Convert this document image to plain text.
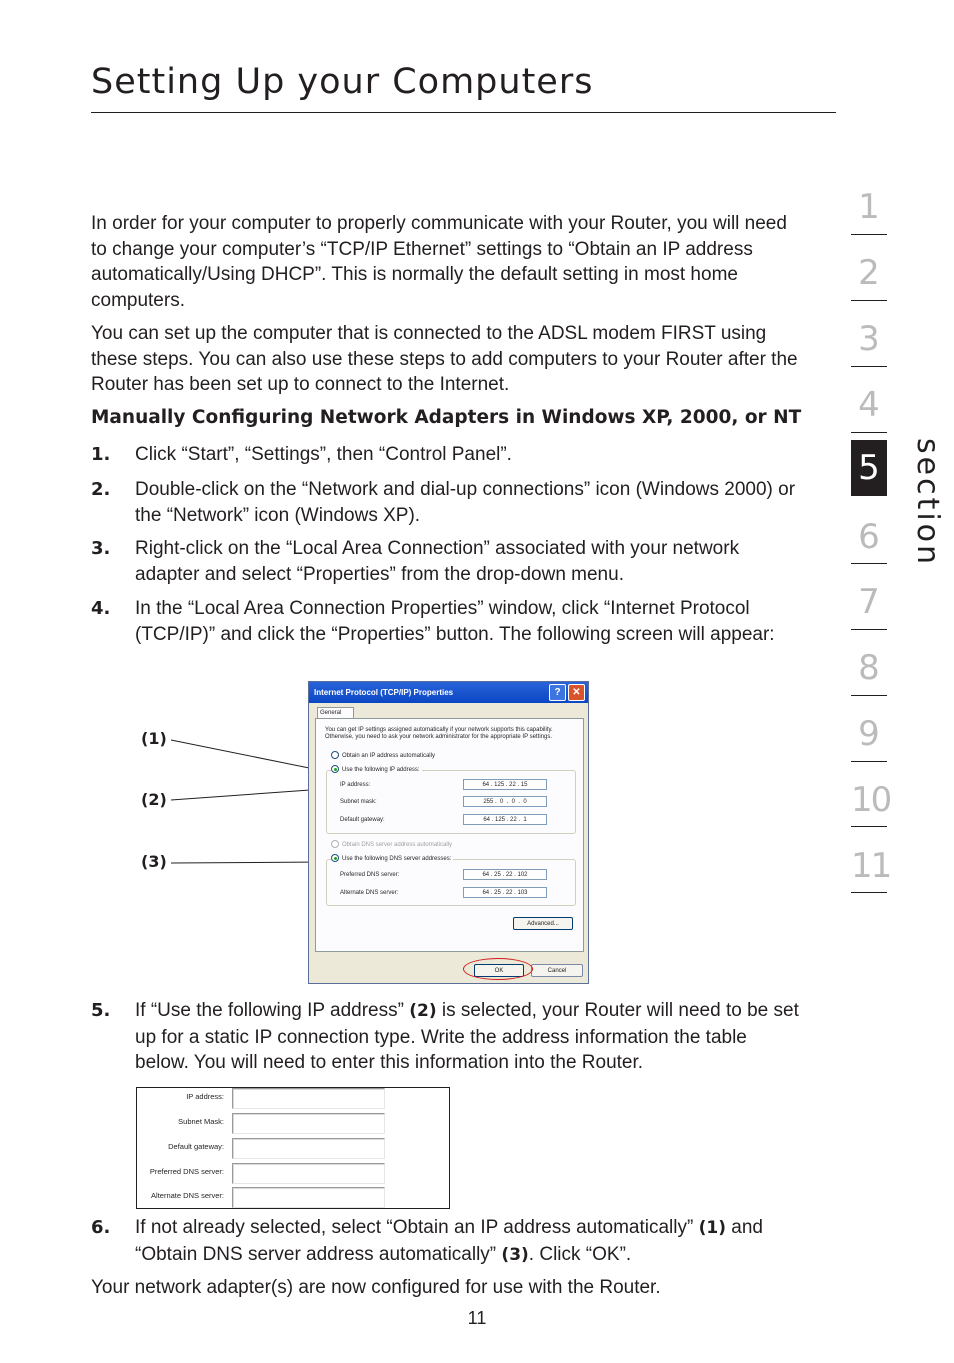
Setting Up your Computers

In order for your computer to properly communicate with your Router, you will need to change your computer’s “TCP/IP Ethernet” settings to “Obtain an IP address automatically/Using DHCP”. This is normally the default setting in most home computers.

You can set up the computer that is connected to the ADSL modem FIRST using these steps. You can also use these steps to add computers to your Router after the Router has been set up to connect to the Internet.

Manually Configuring Network Adapters in Windows XP, 2000, or NT
1. Click “Start”, “Settings”, then “Control Panel”.
2. Double-click on the “Network and dial-up connections” icon (Windows 2000) or the “Network” icon (Windows XP).
3. Right-click on the “Local Area Connection” associated with your network adapter and select “Properties” from the drop-down menu.
4. In the “Local Area Connection Properties” window, click “Internet Protocol (TCP/IP)” and click the “Properties” button. The following screen will appear:
(1)
(2)
(3)
Internet Protocol (TCP/IP) Properties	?	✕
General
You can get IP settings assigned automatically if your network supports this capability. Otherwise, you need to ask your network administrator for the appropriate IP settings.
Obtain an IP address automatically
Use the following IP address:
IP address:	64 . 125 . 22 . 15
Subnet mask:	255 .  0  .  0  .  0
Default gateway:	64 . 125 . 22 .  1
Obtain DNS server address automatically
Use the following DNS server addresses:
Preferred DNS server:	64 . 25 . 22 . 102
Alternate DNS server:	64 . 25 . 22 . 103
Advanced...
OK	Cancel
5. If “Use the following IP address” (2) is selected, your Router will need to be set up for a static IP connection type. Write the address information the table below. You will need to enter this information into the Router.
IP address:
Subnet Mask:
Default gateway:
Preferred DNS server:
Alternate DNS server:
6. If not already selected, select “Obtain an IP address automatically” (1) and “Obtain DNS server address automatically” (3). Click “OK”.

Your network adapter(s) are now configured for use with the Router.

1
2
3
4
5
6
7
8
9
10
11
section
11
